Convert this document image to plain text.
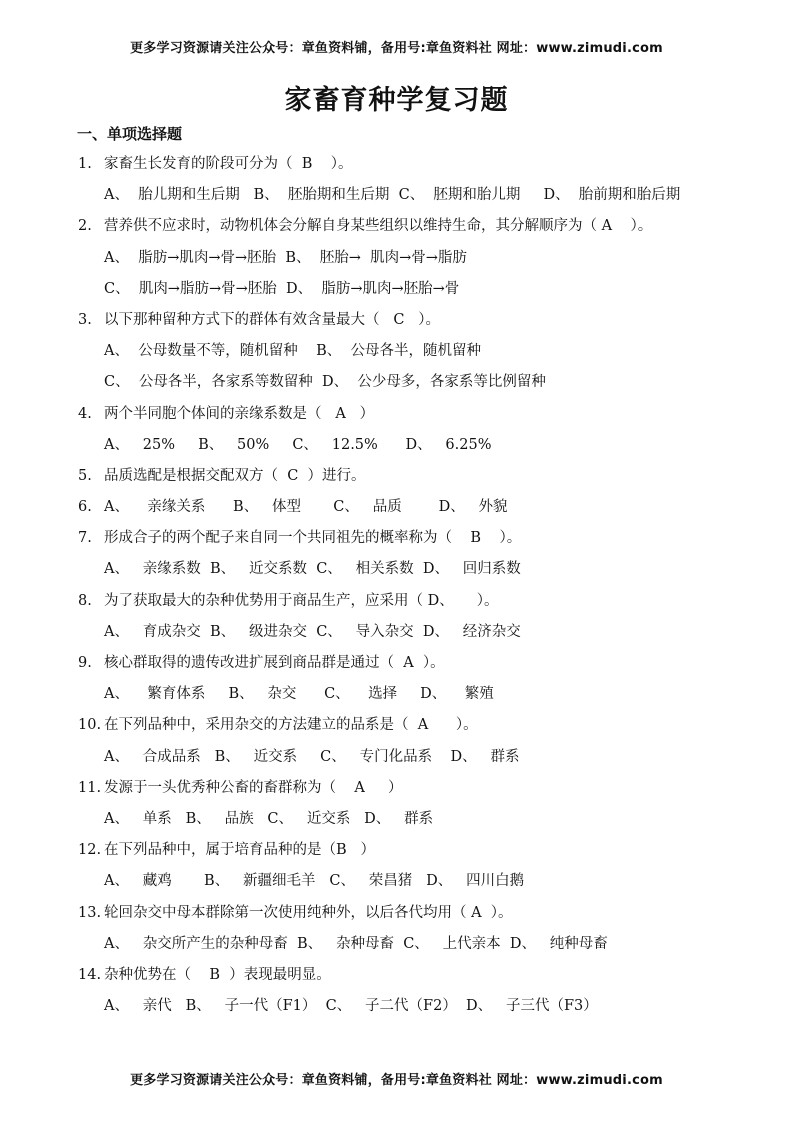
更多学习资源请关注公众号：章鱼资料铺，备用号:章鱼资料社 网址：www.zimudi.com
家畜育种学复习题
一、单项选择题
1. 家畜生长发育的阶段可分为（  B    ）。
A、  胎儿期和生后期   B、  胚胎期和生后期  C、  胚期和胎儿期     D、  胎前期和胎后期
2. 营养供不应求时，动物机体会分解自身某些组织以维持生命，其分解顺序为（ A    ）。
A、  脂肪→肌肉→骨→胚胎  B、  胚胎→  肌肉→骨→脂肪
C、  肌肉→脂肪→骨→胚胎  D、  脂肪→肌肉→胚胎→骨
3. 以下那种留种方式下的群体有效含量最大（   C   ）。
A、  公母数量不等，随机留种    B、  公母各半，随机留种
C、  公母各半，各家系等数留种  D、  公少母多，各家系等比例留种
4. 两个半同胞个体间的亲缘系数是（   A   ）
A、   25%     B、   50%     C、   12.5%      D、   6.25%
5. 品质选配是根据交配双方（  C  ）进行。
6. A、    亲缘关系      B、   体型       C、   品质        D、   外貌
7. 形成合子的两个配子来自同一个共同祖先的概率称为（    B    ）。
A、   亲缘系数  B、   近交系数  C、   相关系数  D、   回归系数
8. 为了获取最大的杂种优势用于商品生产，应采用（ D、     ）。
A、   育成杂交  B、   级进杂交  C、   导入杂交  D、   经济杂交
9. 核心群取得的遗传改进扩展到商品群是通过（  A  ）。
A、    繁育体系     B、   杂交      C、    选择     D、    繁殖
10. 在下列品种中，采用杂交的方法建立的品系是（  A      ）。
A、   合成品系   B、   近交系     C、   专门化品系    D、   群系
11. 发源于一头优秀种公畜的畜群称为（    A     ）
A、   单系   B、   品族   C、   近交系   D、   群系
12. 在下列品种中，属于培育品种的是（B   ）
A、   藏鸡       B、   新疆细毛羊   C、   荣昌猪   D、   四川白鹅
13. 轮回杂交中母本群除第一次使用纯种外，以后各代均用（ A  ）。
A、   杂交所产生的杂种母畜  B、   杂种母畜  C、   上代亲本  D、   纯种母畜
14. 杂种优势在（    B  ）表现最明显。
A、   亲代   B、   子一代（F1）  C、   子二代（F2）  D、   子三代（F3）
更多学习资源请关注公众号：章鱼资料铺，备用号:章鱼资料社 网址：www.zimudi.com
